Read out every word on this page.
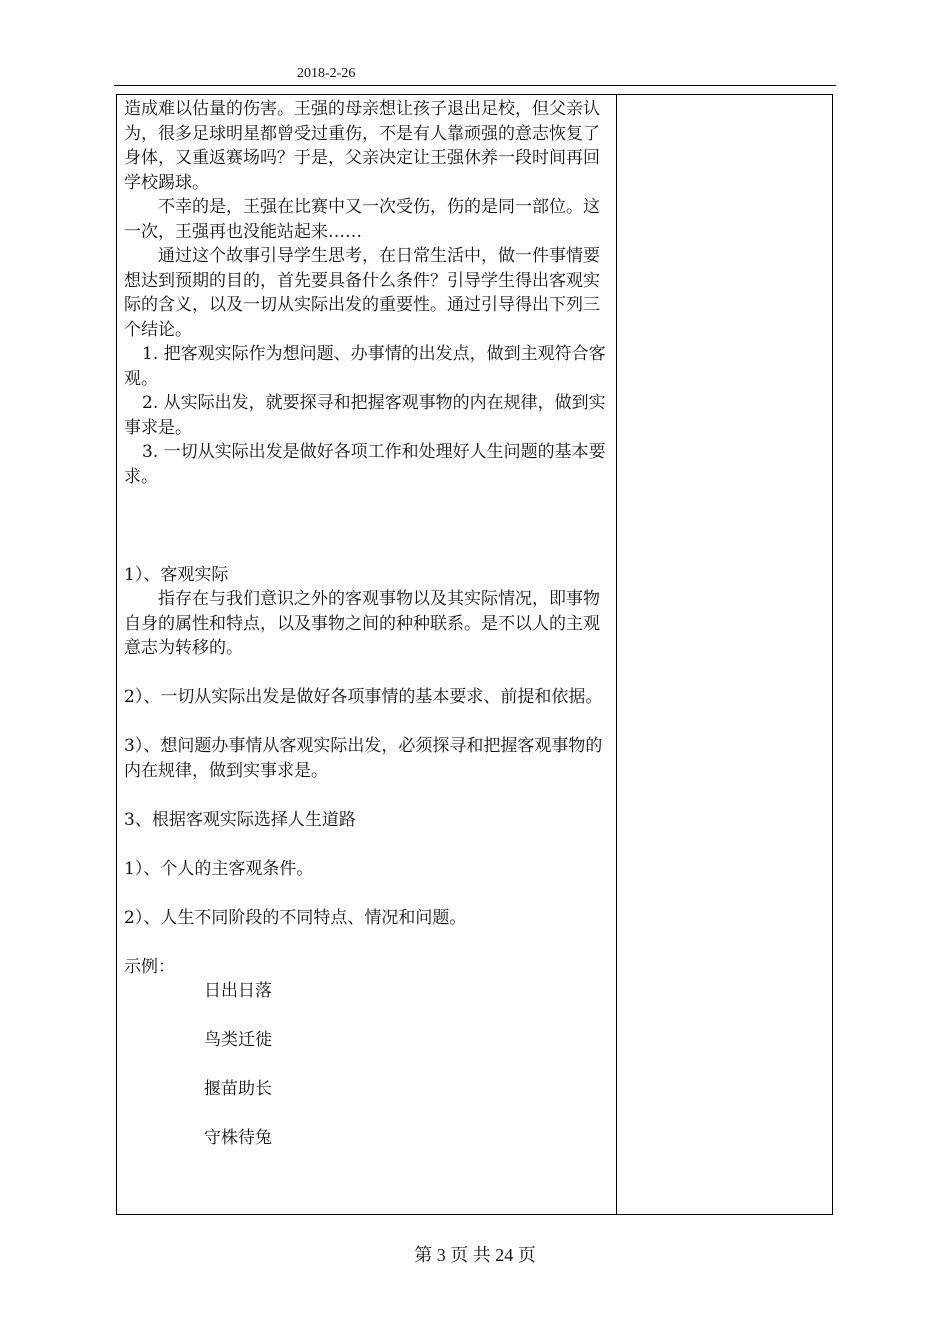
2018-2-26

造成难以估量的伤害。王强的母亲想让孩子退出足校，但父亲认为，很多足球明星都曾受过重伤，不是有人靠顽强的意志恢复了身体，又重返赛场吗？于是，父亲决定让王强休养一段时间再回学校踢球。

不幸的是，王强在比赛中又一次受伤，伤的是同一部位。这一次，王强再也没能站起来……

通过这个故事引导学生思考，在日常生活中，做一件事情要想达到预期的目的，首先要具备什么条件？引导学生得出客观实际的含义，以及一切从实际出发的重要性。通过引导得出下列三个结论。

1. 把客观实际作为想问题、办事情的出发点，做到主观符合客观。

2. 从实际出发，就要探寻和把握客观事物的内在规律，做到实事求是。

3. 一切从实际出发是做好各项工作和处理好人生问题的基本要求。

1）、客观实际

指存在与我们意识之外的客观事物以及其实际情况，即事物自身的属性和特点，以及事物之间的种种联系。是不以人的主观意志为转移的。

2）、一切从实际出发是做好各项事情的基本要求、前提和依据。

3）、想问题办事情从客观实际出发，必须探寻和把握客观事物的内在规律，做到实事求是。

3、根据客观实际选择人生道路

1）、个人的主客观条件。

2）、人生不同阶段的不同特点、情况和问题。

示例：

日出日落

鸟类迁徙

揠苗助长

守株待兔

第 3 页 共 24 页
